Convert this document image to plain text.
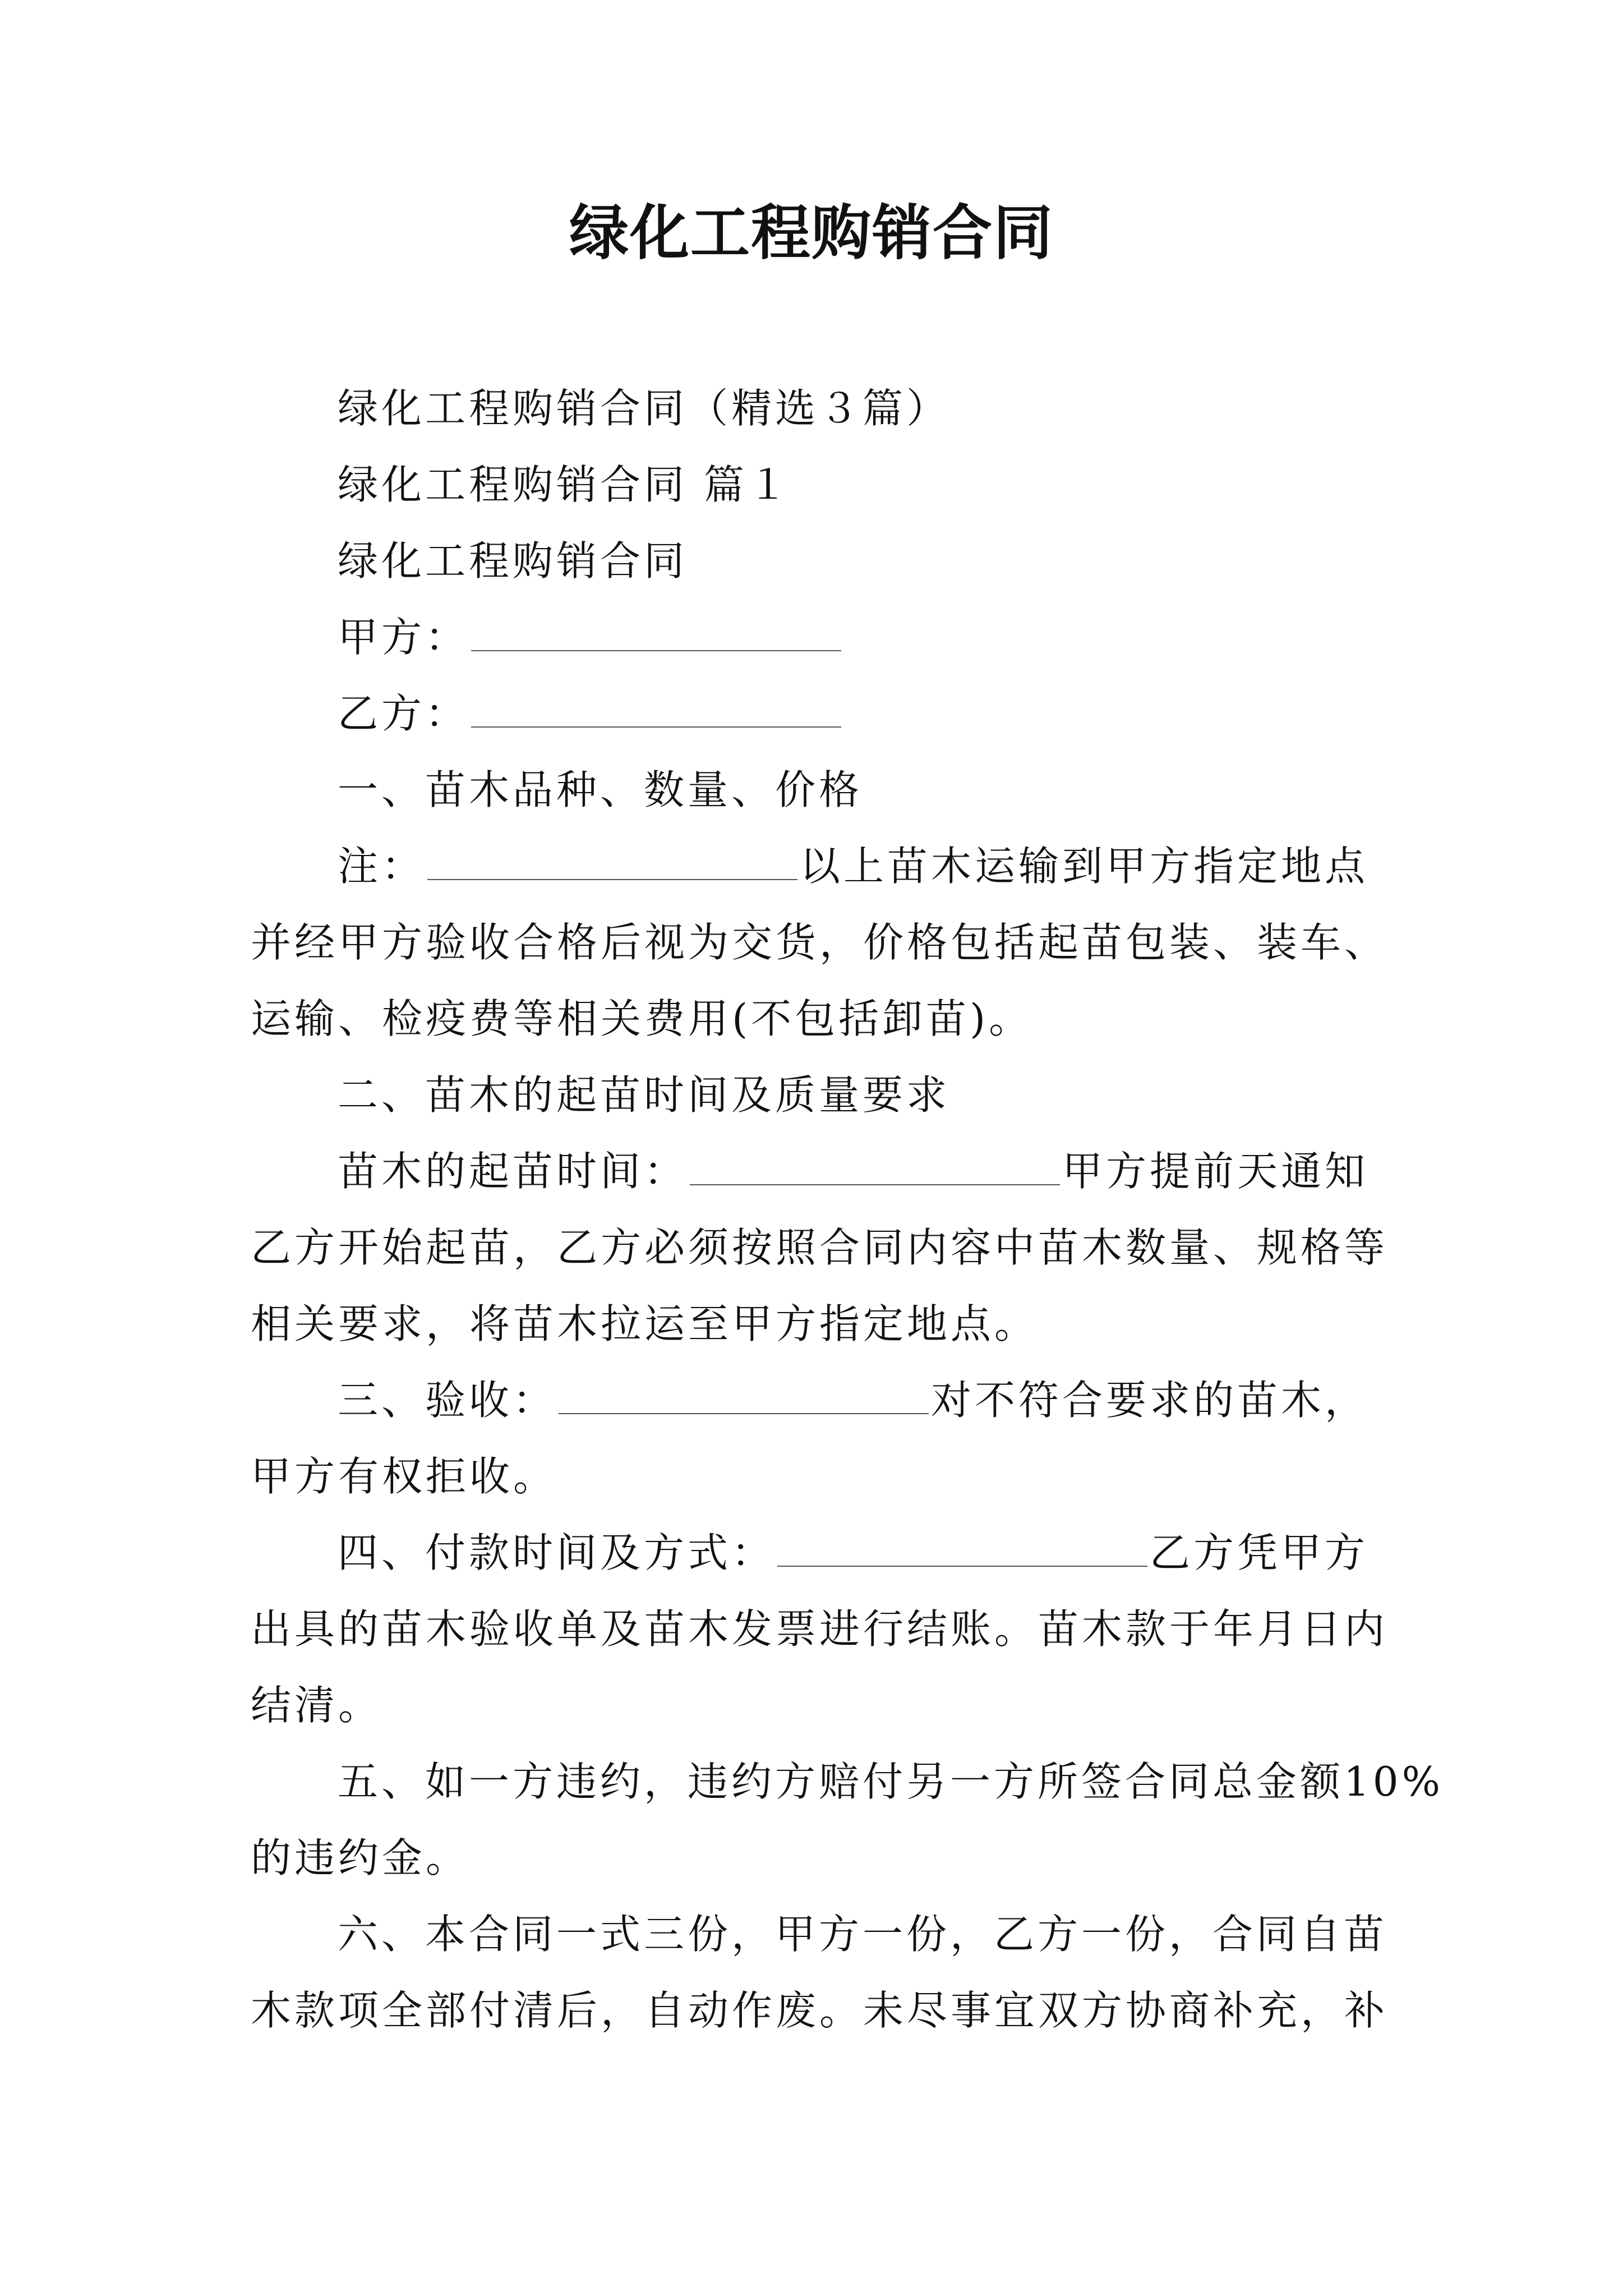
绿化工程购销合同

绿化工程购销合同（精选３篇）

绿化工程购销合同 篇１

绿化工程购销合同

甲方：

乙方：

一、苗木品种、数量、价格

注：	以上苗木运输到甲方指定地点

并经甲方验收合格后视为交货，价格包括起苗包装、装车、

运输、检疫费等相关费用(不包括卸苗)。

二、苗木的起苗时间及质量要求

苗木的起苗时间：	甲方提前天通知

乙方开始起苗，乙方必须按照合同内容中苗木数量、规格等

相关要求，将苗木拉运至甲方指定地点。

三、验收：	对不符合要求的苗木，

甲方有权拒收。

四、付款时间及方式：	乙方凭甲方

出具的苗木验收单及苗木发票进行结账。苗木款于年月日内

结清。

五、如一方违约，违约方赔付另一方所签合同总金额10%

的违约金。

六、本合同一式三份，甲方一份，乙方一份，合同自苗

木款项全部付清后，自动作废。未尽事宜双方协商补充，补
